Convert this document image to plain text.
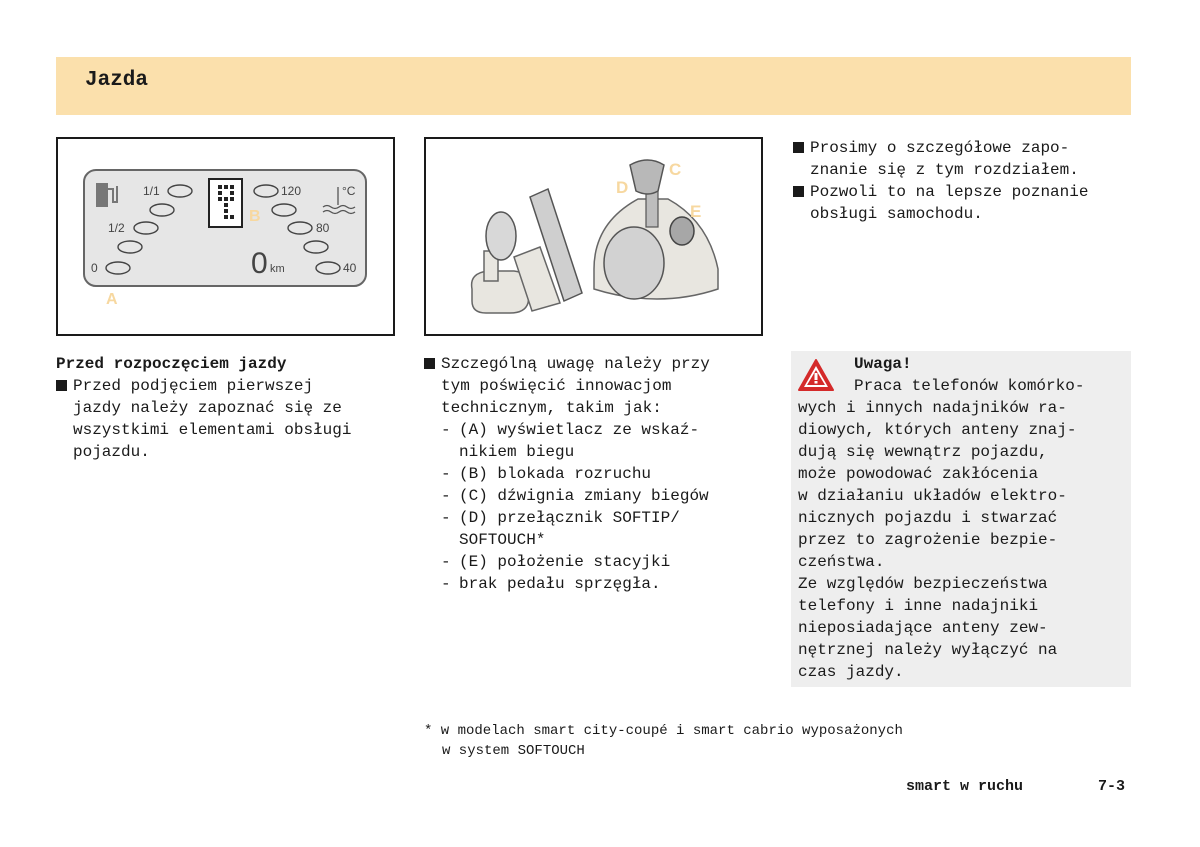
Jazda
1/1
1/2
0
120
80
40
°C
0 km
A
B
C
D
E
Prosimy o szczegółowe zapo-
znanie się z tym rozdziałem.
Pozwoli to na lepsze poznanie
obsługi samochodu.
Przed rozpoczęciem jazdy
Przed podjęciem pierwszej
jazdy należy zapoznać się ze
wszystkimi elementami obsługi
pojazdu.
Szczególną uwagę należy przy
tym poświęcić innowacjom
technicznym, takim jak:
- (A) wyświetlacz ze wskaź-
nikiem biegu
- (B) blokada rozruchu
- (C) dźwignia zmiany biegów
- (D) przełącznik SOFTIP/
SOFTOUCH*
- (E) położenie stacyjki
- brak pedału sprzęgła.
Uwaga!
Praca telefonów komórko-
wych i innych nadajników ra-
diowych, których anteny znaj-
dują się wewnątrz pojazdu,
może powodować zakłócenia
w działaniu układów elektro-
nicznych pojazdu i stwarzać
przez to zagrożenie bezpie-
czeństwa.
Ze względów bezpieczeństwa
telefony i inne nadajniki
nieposiadające anteny zew-
nętrznej należy wyłączyć na
czas jazdy.
* w modelach smart city-coupé i smart cabrio wyposażonych
w system SOFTOUCH
smart w ruchu	7-3
